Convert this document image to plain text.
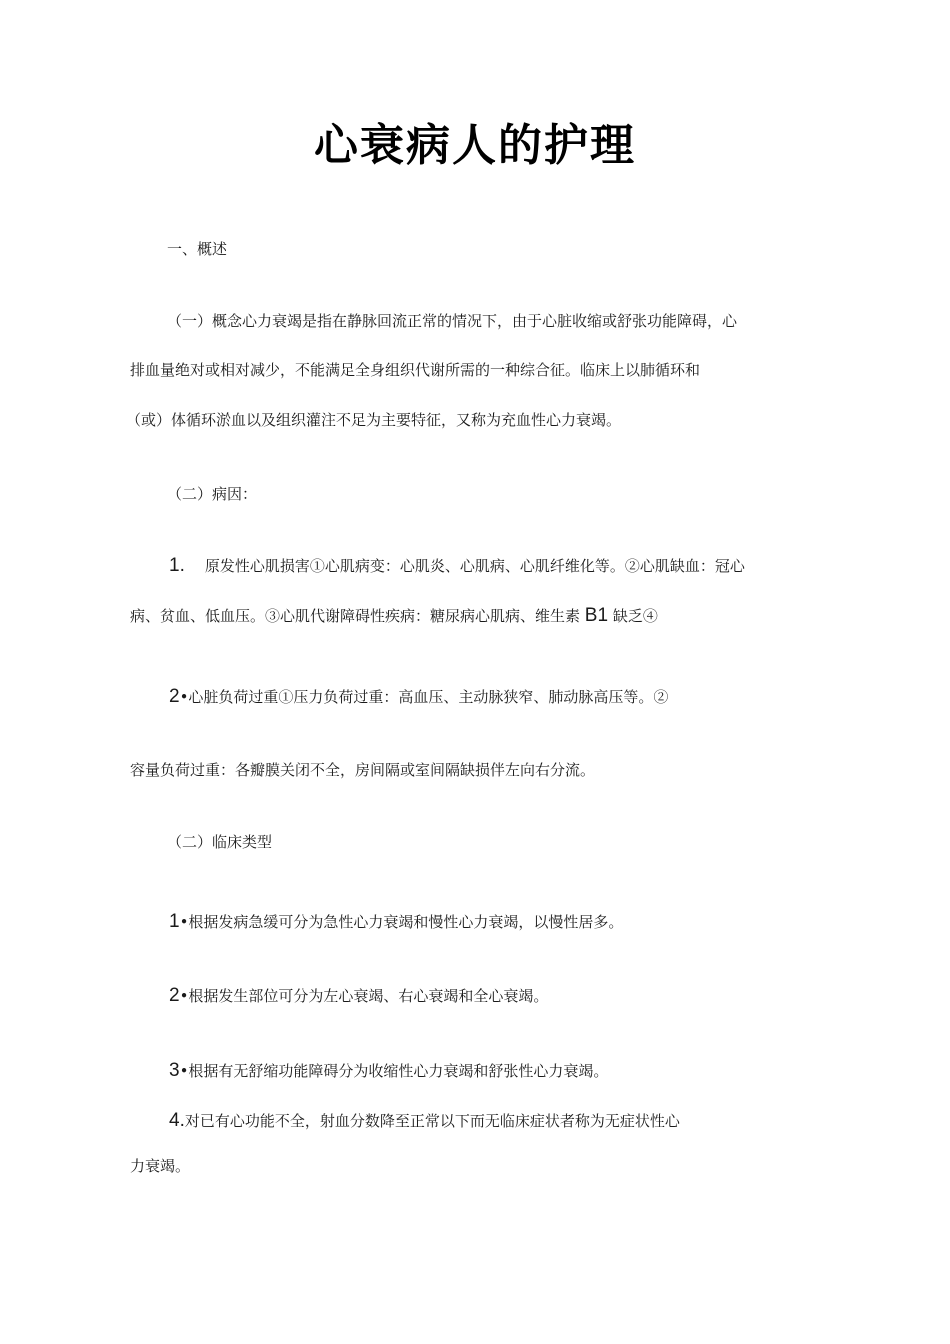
心衰病人的护理
一、概述
（一）概念心力衰竭是指在静脉回流正常的情况下，由于心脏收缩或舒张功能障碍，心
排血量绝对或相对减少，不能满足全身组织代谢所需的一种综合征。临床上以肺循环和
（或）体循环淤血以及组织灌注不足为主要特征，又称为充血性心力衰竭。
（二）病因：
1. 原发性心肌损害①心肌病变：心肌炎、心肌病、心肌纤维化等。②心肌缺血：冠心
病、贫血、低血压。③心肌代谢障碍性疾病：糖尿病心肌病、维生素 B1 缺乏④
2•心脏负荷过重①压力负荷过重：高血压、主动脉狭窄、肺动脉高压等。②
容量负荷过重：各瓣膜关闭不全，房间隔或室间隔缺损伴左向右分流。
（二）临床类型
1•根据发病急缓可分为急性心力衰竭和慢性心力衰竭，以慢性居多。
2•根据发生部位可分为左心衰竭、右心衰竭和全心衰竭。
3•根据有无舒缩功能障碍分为收缩性心力衰竭和舒张性心力衰竭。
4.对已有心功能不全，射血分数降至正常以下而无临床症状者称为无症状性心
力衰竭。
